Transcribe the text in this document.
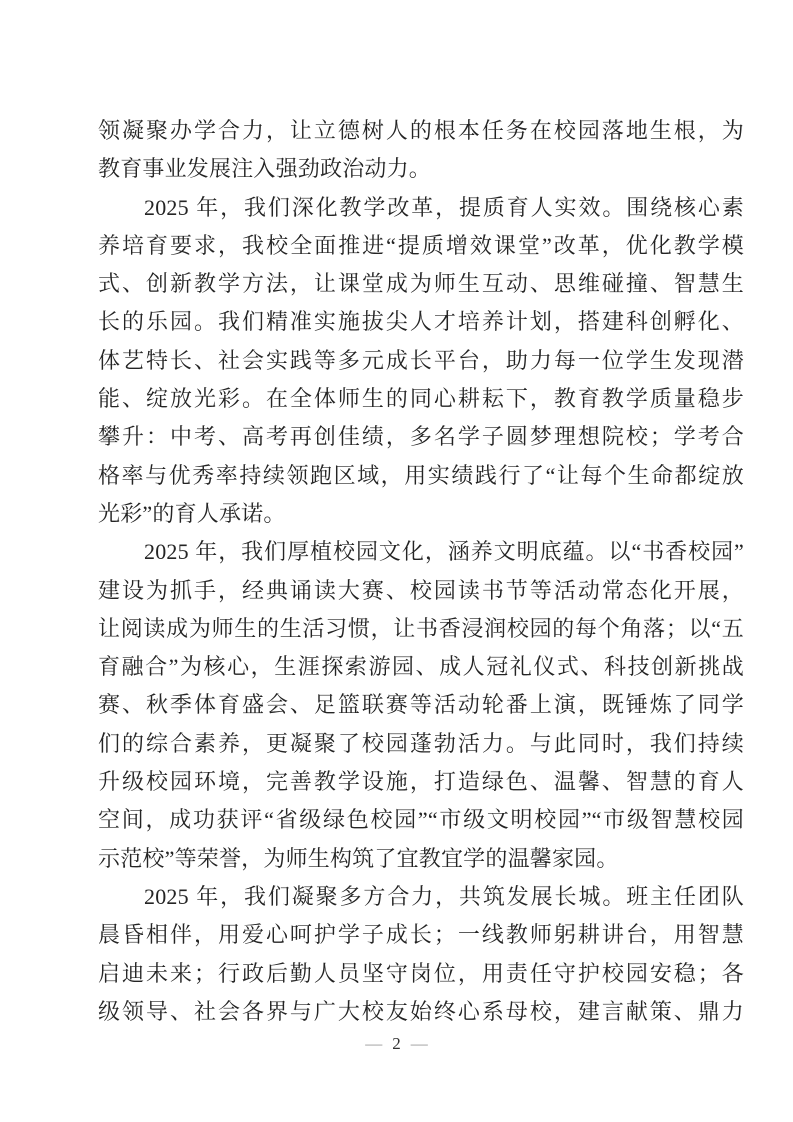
领凝聚办学合力，让立德树人的根本任务在校园落地生根，为
教育事业发展注入强劲政治动力。
2025 年，我们深化教学改革，提质育人实效。围绕核心素
养培育要求，我校全面推进“提质增效课堂”改革，优化教学模
式、创新教学方法，让课堂成为师生互动、思维碰撞、智慧生
长的乐园。我们精准实施拔尖人才培养计划，搭建科创孵化、
体艺特长、社会实践等多元成长平台，助力每一位学生发现潜
能、绽放光彩。在全体师生的同心耕耘下，教育教学质量稳步
攀升：中考、高考再创佳绩，多名学子圆梦理想院校；学考合
格率与优秀率持续领跑区域，用实绩践行了“让每个生命都绽放
光彩”的育人承诺。
2025 年，我们厚植校园文化，涵养文明底蕴。以“书香校园”
建设为抓手，经典诵读大赛、校园读书节等活动常态化开展，
让阅读成为师生的生活习惯，让书香浸润校园的每个角落；以“五
育融合”为核心，生涯探索游园、成人冠礼仪式、科技创新挑战
赛、秋季体育盛会、足篮联赛等活动轮番上演，既锤炼了同学
们的综合素养，更凝聚了校园蓬勃活力。与此同时，我们持续
升级校园环境，完善教学设施，打造绿色、温馨、智慧的育人
空间，成功获评“省级绿色校园”“市级文明校园”“市级智慧校园
示范校”等荣誉，为师生构筑了宜教宜学的温馨家园。
2025 年，我们凝聚多方合力，共筑发展长城。班主任团队
晨昏相伴，用爱心呵护学子成长；一线教师躬耕讲台，用智慧
启迪未来；行政后勤人员坚守岗位，用责任守护校园安稳；各
级领导、社会各界与广大校友始终心系母校，建言献策、鼎力
— 2 —
